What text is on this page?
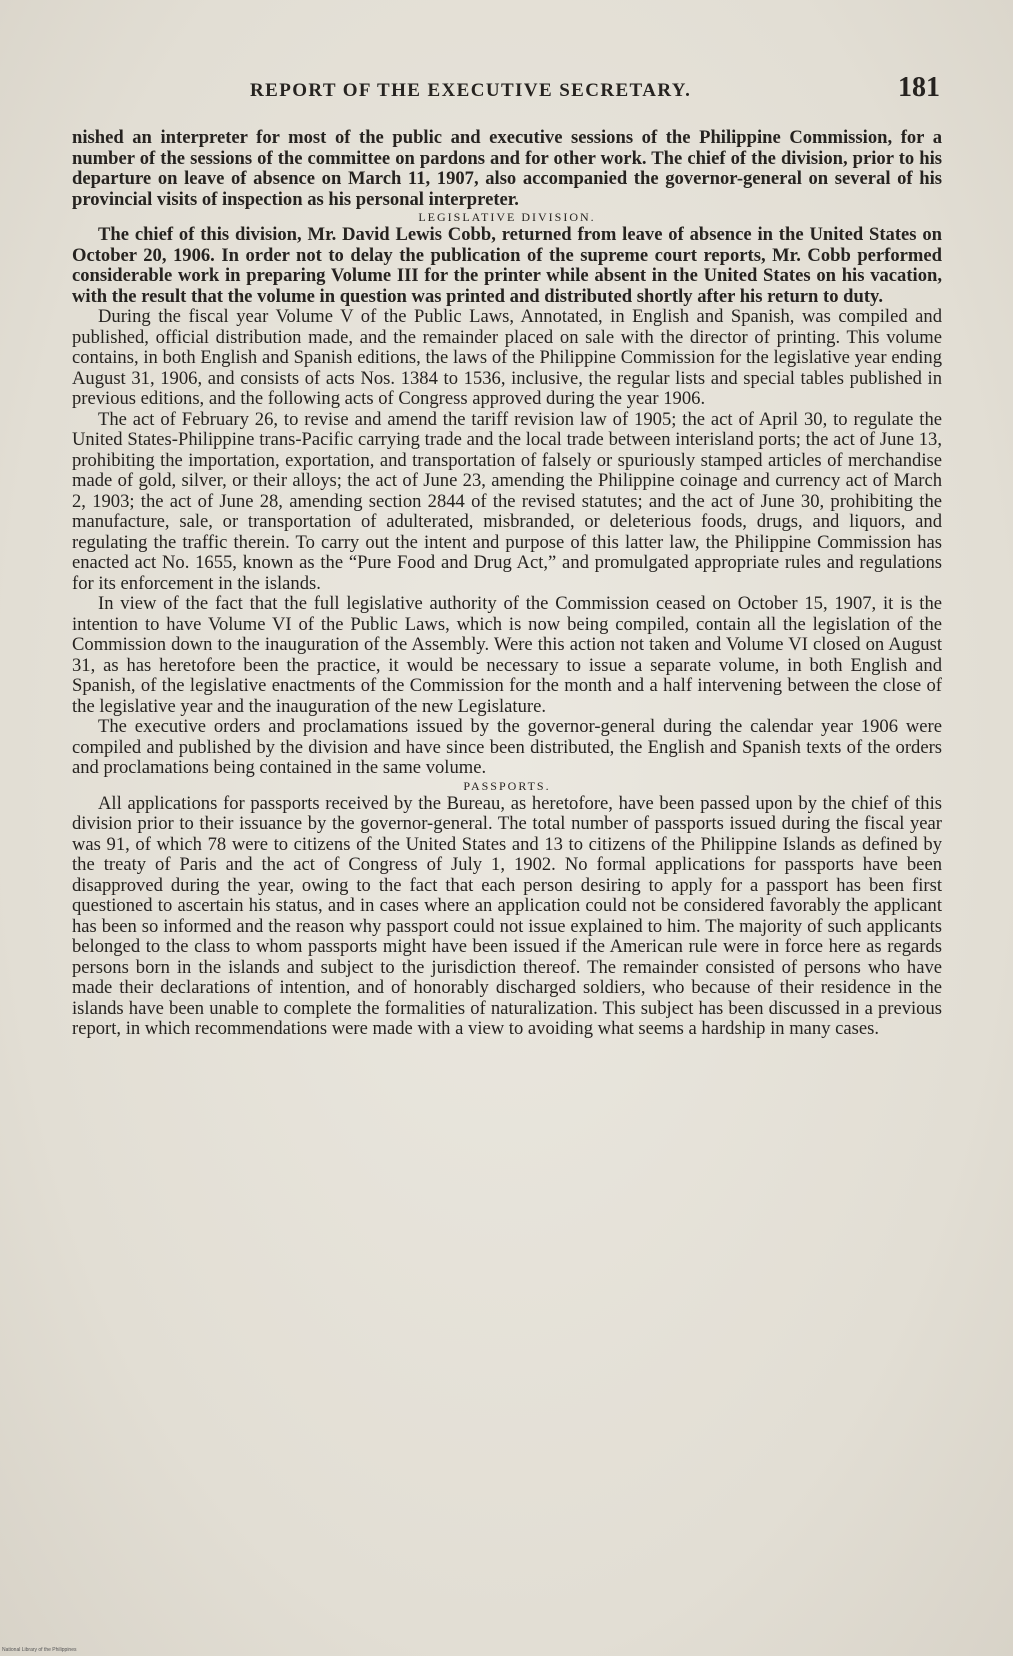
REPORT OF THE EXECUTIVE SECRETARY.	181

nished an interpreter for most of the public and executive sessions of the Philippine Commission, for a number of the sessions of the committee on pardons and for other work. The chief of the division, prior to his departure on leave of absence on March 11, 1907, also accompanied the governor-general on several of his provincial visits of inspection as his personal interpreter.

LEGISLATIVE DIVISION.

The chief of this division, Mr. David Lewis Cobb, returned from leave of absence in the United States on October 20, 1906. In order not to delay the publication of the supreme court reports, Mr. Cobb performed considerable work in preparing Volume III for the printer while absent in the United States on his vacation, with the result that the volume in question was printed and distributed shortly after his return to duty.

During the fiscal year Volume V of the Public Laws, Annotated, in English and Spanish, was compiled and published, official distribution made, and the remainder placed on sale with the director of printing. This volume contains, in both English and Spanish editions, the laws of the Philippine Commission for the legislative year ending August 31, 1906, and consists of acts Nos. 1384 to 1536, inclusive, the regular lists and special tables published in previous editions, and the following acts of Congress approved during the year 1906.

The act of February 26, to revise and amend the tariff revision law of 1905; the act of April 30, to regulate the United States-Philippine trans-Pacific carrying trade and the local trade between interisland ports; the act of June 13, prohibiting the importation, exportation, and transportation of falsely or spuriously stamped articles of merchandise made of gold, silver, or their alloys; the act of June 23, amending the Philippine coinage and currency act of March 2, 1903; the act of June 28, amending section 2844 of the revised statutes; and the act of June 30, prohibiting the manufacture, sale, or transportation of adulterated, misbranded, or deleterious foods, drugs, and liquors, and regulating the traffic therein. To carry out the intent and purpose of this latter law, the Philippine Commission has enacted act No. 1655, known as the “Pure Food and Drug Act,” and promulgated appropriate rules and regulations for its enforcement in the islands.

In view of the fact that the full legislative authority of the Commission ceased on October 15, 1907, it is the intention to have Volume VI of the Public Laws, which is now being compiled, contain all the legislation of the Commission down to the inauguration of the Assembly. Were this action not taken and Volume VI closed on August 31, as has heretofore been the practice, it would be necessary to issue a separate volume, in both English and Spanish, of the legislative enactments of the Commission for the month and a half intervening between the close of the legislative year and the inauguration of the new Legislature.

The executive orders and proclamations issued by the governor-general during the calendar year 1906 were compiled and published by the division and have since been distributed, the English and Spanish texts of the orders and proclamations being contained in the same volume.

PASSPORTS.

All applications for passports received by the Bureau, as heretofore, have been passed upon by the chief of this division prior to their issuance by the governor-general. The total number of passports issued during the fiscal year was 91, of which 78 were to citizens of the United States and 13 to citizens of the Philippine Islands as defined by the treaty of Paris and the act of Congress of July 1, 1902. No formal applications for passports have been disapproved during the year, owing to the fact that each person desiring to apply for a passport has been first questioned to ascertain his status, and in cases where an application could not be considered favorably the applicant has been so informed and the reason why passport could not issue explained to him. The majority of such applicants belonged to the class to whom passports might have been issued if the American rule were in force here as regards persons born in the islands and subject to the jurisdiction thereof. The remainder consisted of persons who have made their declarations of intention, and of honorably discharged soldiers, who because of their residence in the islands have been unable to complete the formalities of naturalization. This subject has been discussed in a previous report, in which recommendations were made with a view to avoiding what seems a hardship in many cases.

National Library of the Philippines
